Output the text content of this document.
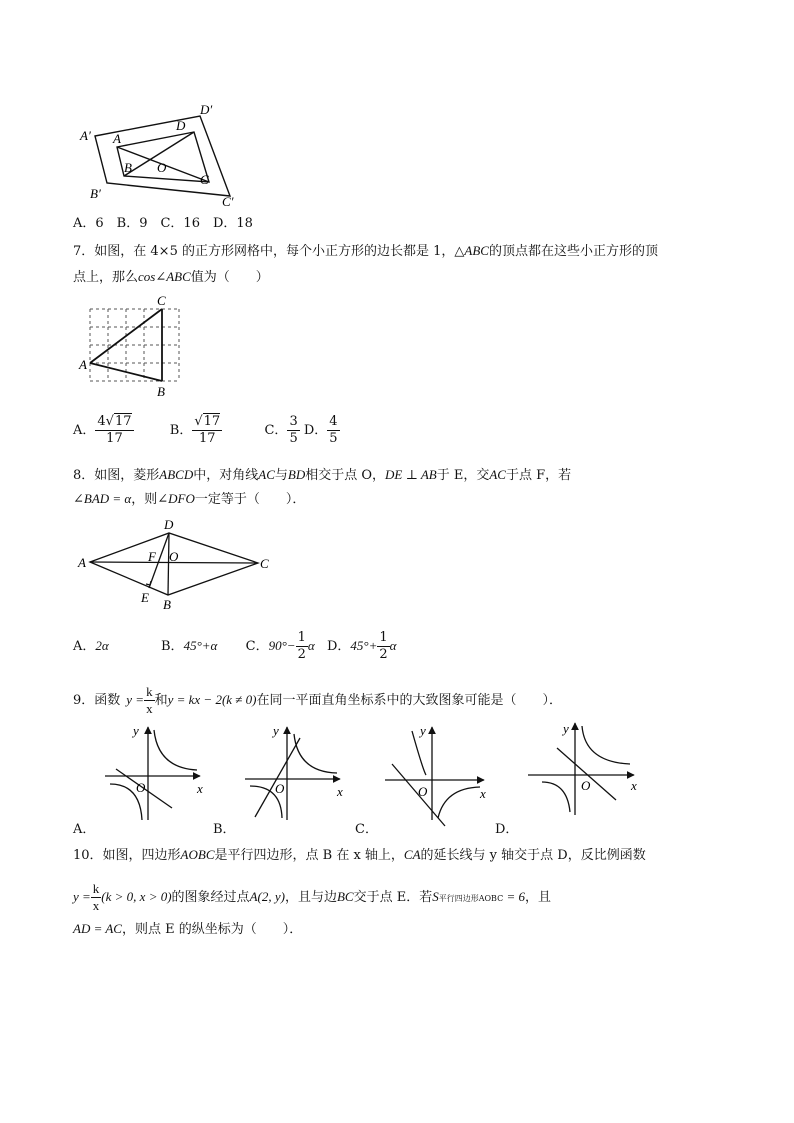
A′ A
D′
D
B O
C
B′
C′
A．6　B．9　C．16　D．18
7．如图，在 4×5 的正方形网格中，每个小正方形的边长都是 1，△ABC的顶点都在这些小正方形的顶
点上，那么cos∠ABC值为（　　）
C
A
B
A． $\frac{4√17}{17}$	B． $\frac{√17}{17}$	C． $\frac{3}{5}$ D． $\frac{4}{5}$
8．如图，菱形ABCD中，对角线AC与BD相交于点 O，DE ⊥ AB于 E，交AC于点 F，若
∠BAD = α，则∠DFO一定等于（　　）．
A
D
F O	C
E B
A．2α	B．45°+α C．$90^\circ- \frac{1}{2}$ α D．$45^\circ+ \frac{1}{2}$ α
9．函数 $y = \frac{k}{x}$ 和y = kx − 2(k ≠ 0)在同一平面直角坐标系中的大致图象可能是（　　）．
y
x
O
y
x
O
y
x
O
y
x
O
A．	B．	C．	D．
10．如图，四边形AOBC是平行四边形，点 B 在 x 轴上，CA的延长线与 y 轴交于点 D，反比例函数
$y = \frac{k}{x} (k > 0$, x > 0)的图象经过点A(2, y)，且与边BC交于点 E．若S平行四边形AOBC = 6，且
AD = AC，则点 E 的纵坐标为（　　）．
